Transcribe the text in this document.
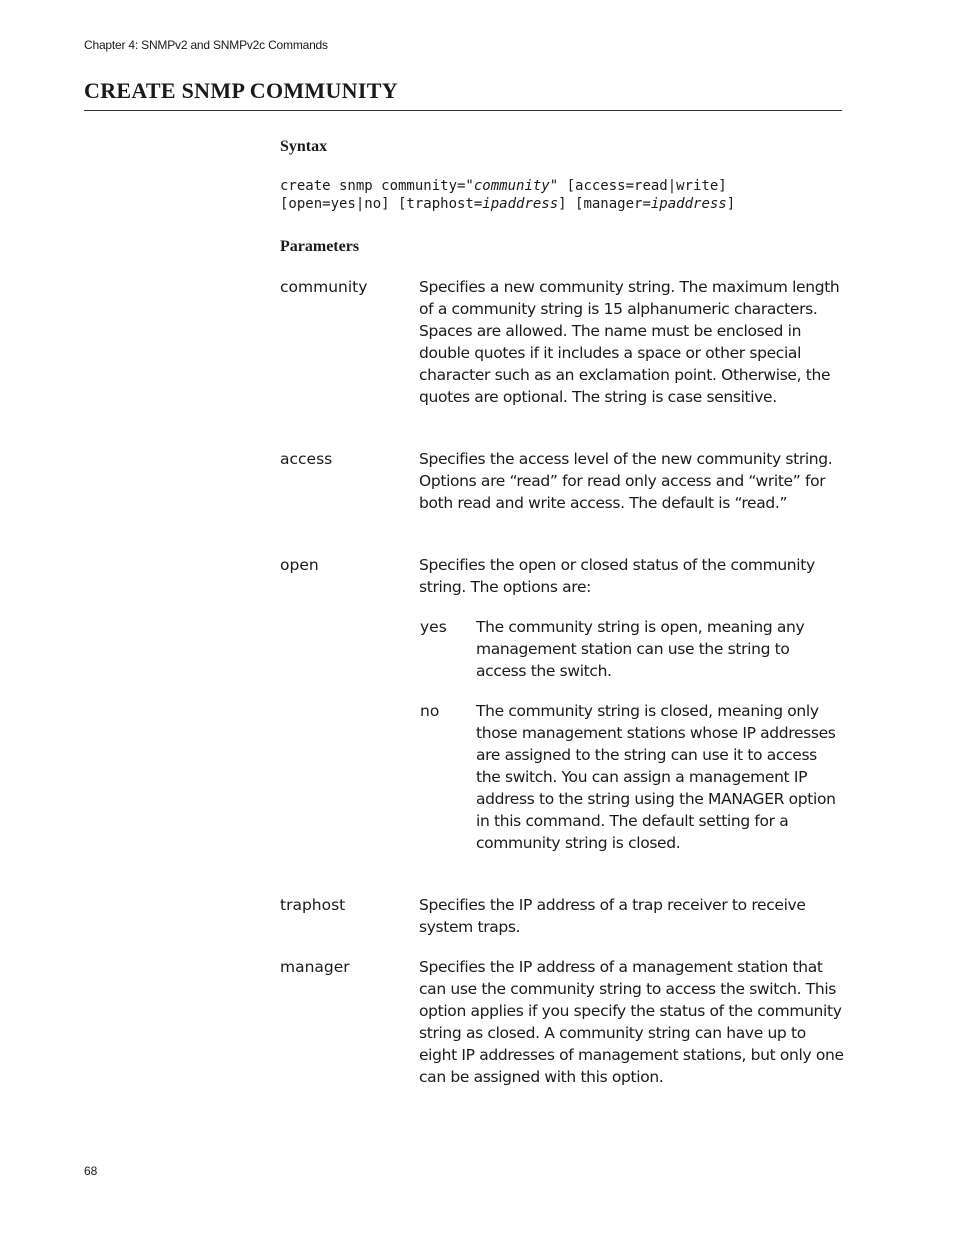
Chapter 4: SNMPv2 and SNMPv2c Commands
CREATE SNMP COMMUNITY
Syntax
create snmp community="community" [access=read|write]
[open=yes|no] [traphost=ipaddress] [manager=ipaddress]
Parameters
community	Specifies a new community string. The maximum length of a community string is 15 alphanumeric characters. Spaces are allowed. The name must be enclosed in double quotes if it includes a space or other special character such as an exclamation point. Otherwise, the quotes are optional. The string is case sensitive.
access	Specifies the access level of the new community string. Options are “read” for read only access and “write” for both read and write access. The default is “read.”
open	Specifies the open or closed status of the community string. The options are:
yes The community string is open, meaning any management station can use the string to access the switch.
no The community string is closed, meaning only those management stations whose IP addresses are assigned to the string can use it to access the switch. You can assign a management IP address to the string using the MANAGER option in this command. The default setting for a community string is closed.
traphost	Specifies the IP address of a trap receiver to receive system traps.
manager	Specifies the IP address of a management station that can use the community string to access the switch. This option applies if you specify the status of the community string as closed. A community string can have up to eight IP addresses of management stations, but only one can be assigned with this option.
68
